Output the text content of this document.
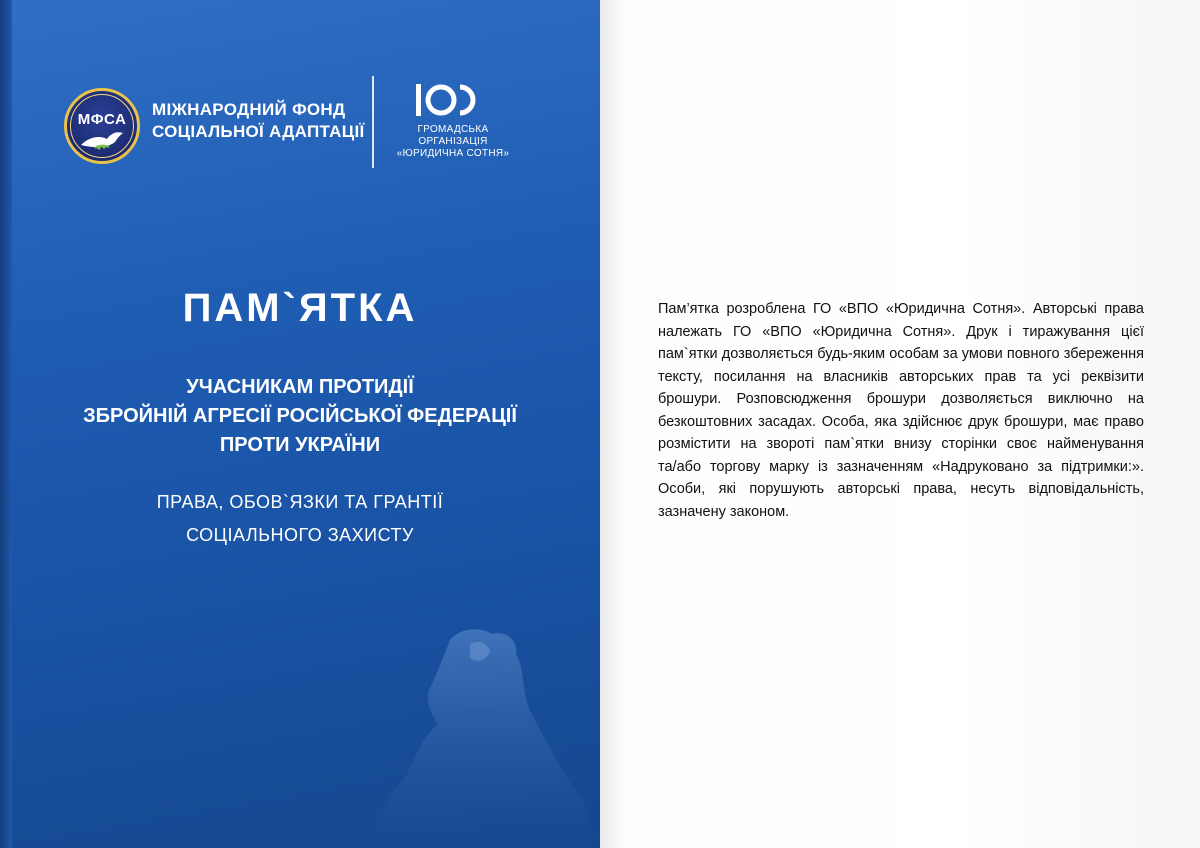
МФСА
МІЖНАРОДНИЙ ФОНД
СОЦІАЛЬНОЇ АДАПТАЦІЇ	ГРОМАДСЬКА
ОРГАНІЗАЦІЯ
«ЮРИДИЧНА СОТНЯ»
ПАМ`ЯТКА
УЧАСНИКАМ ПРОТИДІЇ
ЗБРОЙНІЙ АГРЕСІЇ РОСІЙСЬКОЇ ФЕДЕРАЦІЇ
ПРОТИ УКРАЇНИ
ПРАВА, ОБОВ`ЯЗКИ ТА ГРАНТІЇ
СОЦІАЛЬНОГО ЗАХИСТУ
Пам’ятка розроблена ГО «ВПО «Юридична Сотня». Авторські права
належать ГО «ВПО «Юридична Сотня». Друк і тиражування цієї
пам`ятки дозволяється будь-яким особам за умови повного збереження
тексту, посилання на власників авторських прав та усі реквізити
брошури. Розповсюдження брошури дозволяється виключно на
безкоштовних засадах. Особа, яка здійснює друк брошури, має право
розмістити на звороті пам`ятки внизу сторінки своє найменування
та/або торгову марку із зазначенням «Надруковано за підтримки:».
Особи, які порушують авторські права, несуть відповідальність,
зазначену законом.
